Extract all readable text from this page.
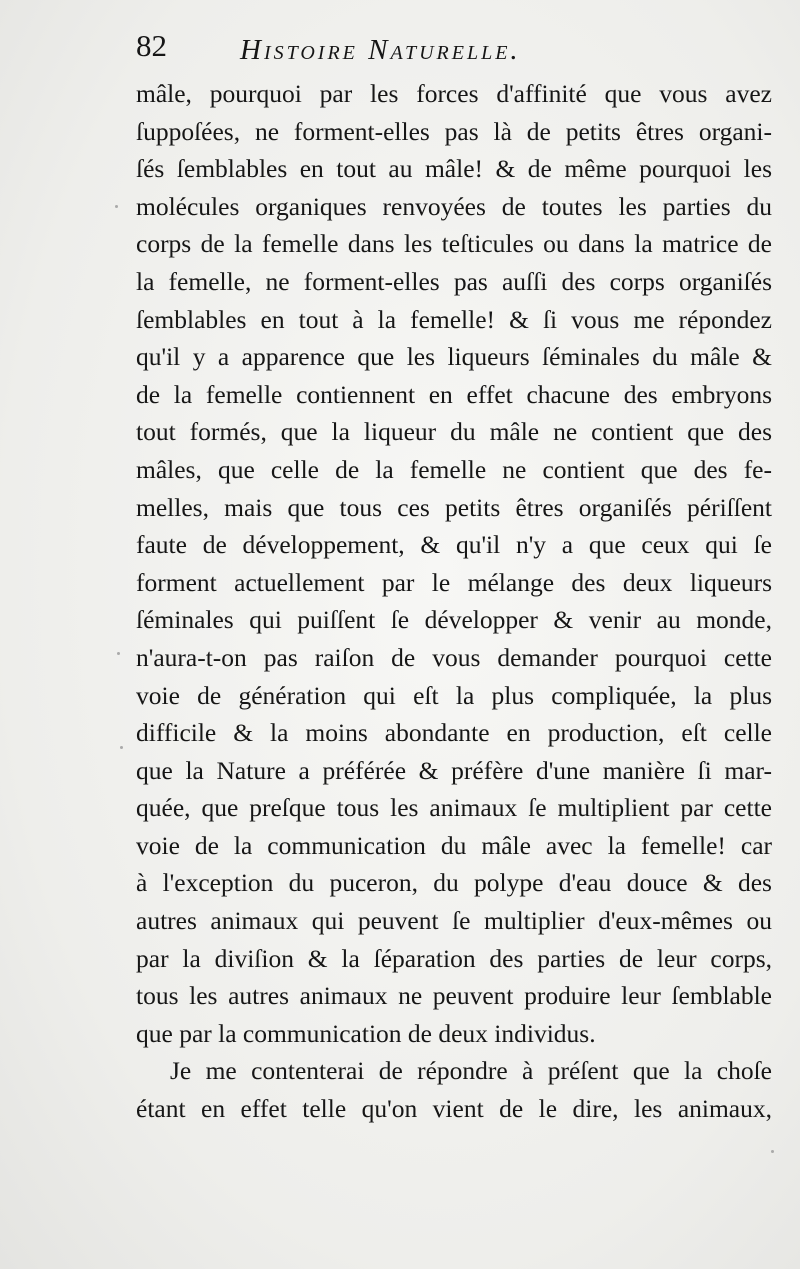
82	Histoire Naturelle.
mâle, pourquoi par les forces d'affinité que vous avez
ſuppoſées, ne forment-elles pas là de petits êtres organi-
ſés ſemblables en tout au mâle! & de même pourquoi les
molécules organiques renvoyées de toutes les parties du
corps de la femelle dans les teſticules ou dans la matrice de
la femelle, ne forment-elles pas auſſi des corps organiſés
ſemblables en tout à la femelle! & ſi vous me répondez
qu'il y a apparence que les liqueurs ſéminales du mâle &
de la femelle contiennent en effet chacune des embryons
tout formés, que la liqueur du mâle ne contient que des
mâles, que celle de la femelle ne contient que des fe-
melles, mais que tous ces petits êtres organiſés périſſent
faute de développement, & qu'il n'y a que ceux qui ſe
forment actuellement par le mélange des deux liqueurs
ſéminales qui puiſſent ſe développer & venir au monde,
n'aura-t-on pas raiſon de vous demander pourquoi cette
voie de génération qui eſt la plus compliquée, la plus
difficile & la moins abondante en production, eſt celle
que la Nature a préférée & préfère d'une manière ſi mar-
quée, que preſque tous les animaux ſe multiplient par cette
voie de la communication du mâle avec la femelle! car
à l'exception du puceron, du polype d'eau douce & des
autres animaux qui peuvent ſe multiplier d'eux-mêmes ou
par la diviſion & la ſéparation des parties de leur corps,
tous les autres animaux ne peuvent produire leur ſemblable
que par la communication de deux individus.
Je me contenterai de répondre à préſent que la choſe
étant en effet telle qu'on vient de le dire, les animaux,
